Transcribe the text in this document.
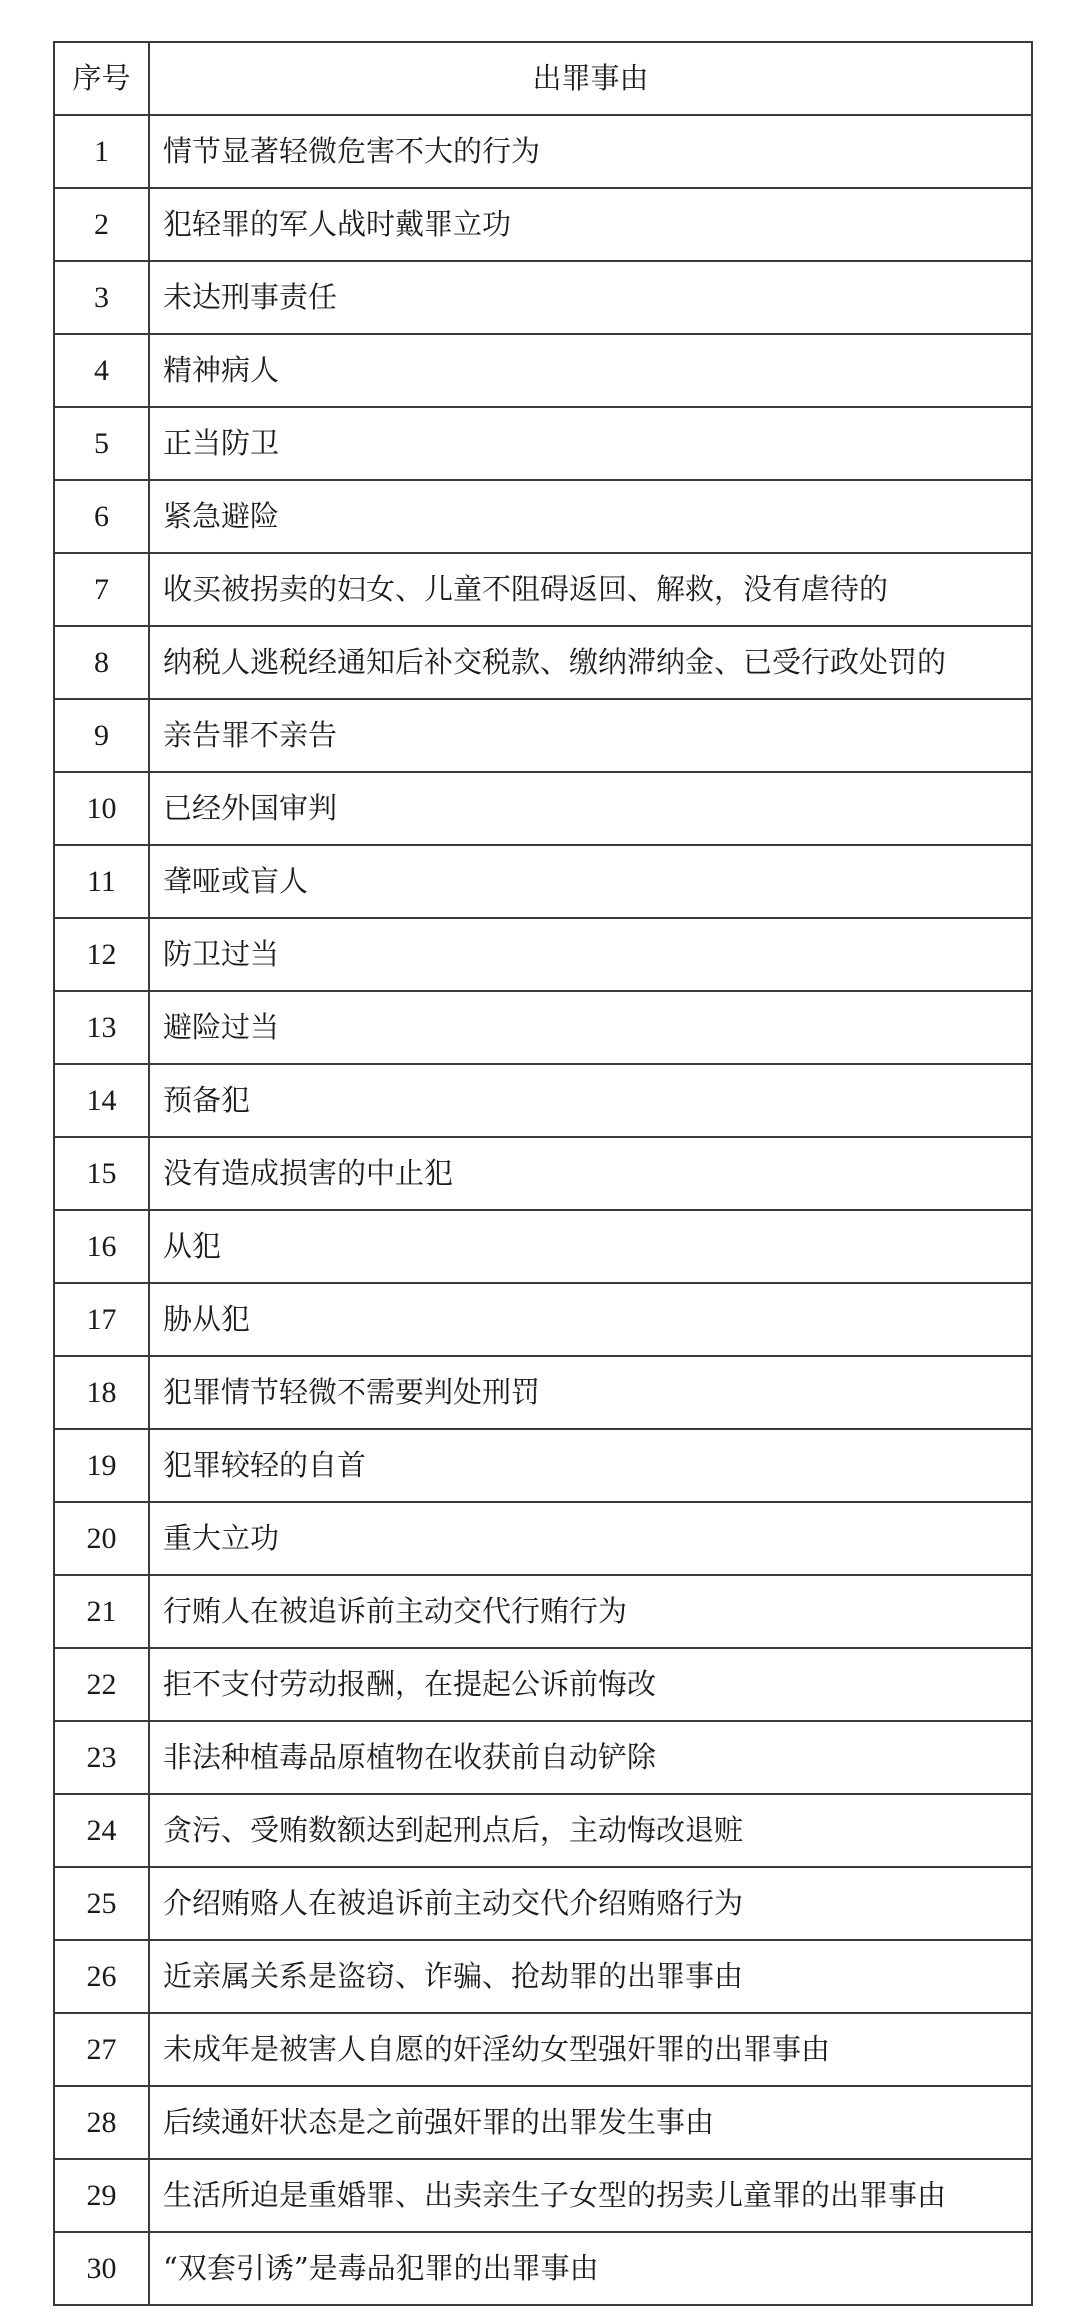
序号	出罪事由
1	情节显著轻微危害不大的行为
2	犯轻罪的军人战时戴罪立功
3	未达刑事责任
4	精神病人
5	正当防卫
6	紧急避险
7	收买被拐卖的妇女、儿童不阻碍返回、解救，没有虐待的
8	纳税人逃税经通知后补交税款、缴纳滞纳金、已受行政处罚的
9	亲告罪不亲告
10	已经外国审判
11	聋哑或盲人
12	防卫过当
13	避险过当
14	预备犯
15	没有造成损害的中止犯
16	从犯
17	胁从犯
18	犯罪情节轻微不需要判处刑罚
19	犯罪较轻的自首
20	重大立功
21	行贿人在被追诉前主动交代行贿行为
22	拒不支付劳动报酬，在提起公诉前悔改
23	非法种植毒品原植物在收获前自动铲除
24	贪污、受贿数额达到起刑点后，主动悔改退赃
25	介绍贿赂人在被追诉前主动交代介绍贿赂行为
26	近亲属关系是盗窃、诈骗、抢劫罪的出罪事由
27	未成年是被害人自愿的奸淫幼女型强奸罪的出罪事由
28	后续通奸状态是之前强奸罪的出罪发生事由
29	生活所迫是重婚罪、出卖亲生子女型的拐卖儿童罪的出罪事由
30	“双套引诱”是毒品犯罪的出罪事由
